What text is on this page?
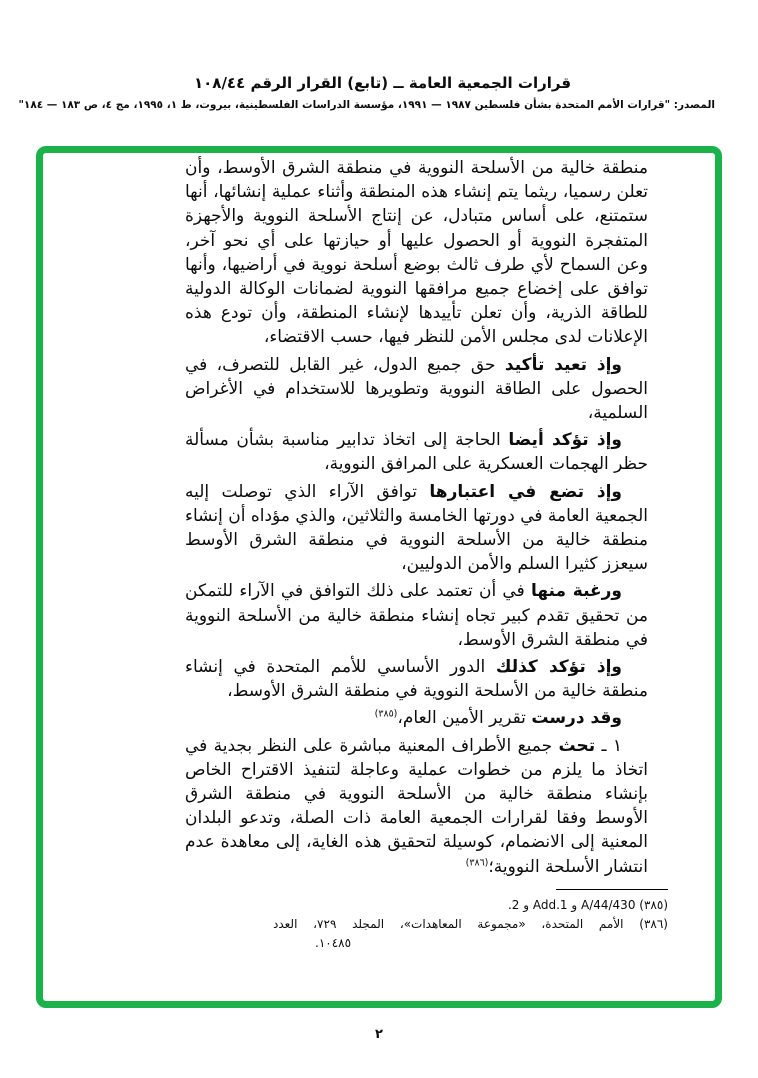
قرارات الجمعية العامة ــ (تابع) القرار الرقم ١٠٨/٤٤
المصدر: "قرارات الأمم المتحدة بشأن فلسطين ١٩٨٧ — ١٩٩١، مؤسسة الدراسات الفلسطينية، بيروت، ط ١، ١٩٩٥، مج ٤، ص ١٨٣ — ١٨٤"

منطقة خالية من الأسلحة النووية في منطقة الشرق الأوسط، وأن تعلن رسميا، ريثما يتم إنشاء هذه المنطقة وأثناء عملية إنشائها، أنها ستمتنع، على أساس متبادل، عن إنتاج الأسلحة النووية والأجهزة المتفجرة النووية أو الحصول عليها أو حيازتها على أي نحو آخر، وعن السماح لأي طرف ثالث بوضع أسلحة نووية في أراضيها، وأنها توافق على إخضاع جميع مرافقها النووية لضمانات الوكالة الدولية للطاقة الذرية، وأن تعلن تأييدها لإنشاء المنطقة، وأن تودع هذه الإعلانات لدى مجلس الأمن للنظر فيها، حسب الاقتضاء،

وإذ تعيد تأكيد حق جميع الدول، غير القابل للتصرف، في الحصول على الطاقة النووية وتطويرها للاستخدام في الأغراض السلمية،

وإذ تؤكد أيضا الحاجة إلى اتخاذ تدابير مناسبة بشأن مسألة حظر الهجمات العسكرية على المرافق النووية،

وإذ تضع في اعتبارها توافق الآراء الذي توصلت إليه الجمعية العامة في دورتها الخامسة والثلاثين، والذي مؤداه أن إنشاء منطقة خالية من الأسلحة النووية في منطقة الشرق الأوسط سيعزز كثيرا السلم والأمن الدوليين،

ورغبة منها في أن تعتمد على ذلك التوافق في الآراء للتمكن من تحقيق تقدم كبير تجاه إنشاء منطقة خالية من الأسلحة النووية في منطقة الشرق الأوسط،

وإذ تؤكد كذلك الدور الأساسي للأمم المتحدة في إنشاء منطقة خالية من الأسلحة النووية في منطقة الشرق الأوسط،

وقد درست تقرير الأمين العام،$^{(٣٨٥)}$

١ ـ تحث جميع الأطراف المعنية مباشرة على النظر بجدية في اتخاذ ما يلزم من خطوات عملية وعاجلة لتنفيذ الاقتراح الخاص بإنشاء منطقة خالية من الأسلحة النووية في منطقة الشرق الأوسط وفقا لقرارات الجمعية العامة ذات الصلة، وتدعو البلدان المعنية إلى الانضمام، كوسيلة لتحقيق هذه الغاية، إلى معاهدة عدم انتشار الأسلحة النووية؛$^{(٣٨٦)}$

(٣٨٥) A/44/430 و Add.1 و 2.
(٣٨٦) الأمم المتحدة، «مجموعة المعاهدات»، المجلد ٧٢٩، العدد
١٠٤٨٥.
٢
